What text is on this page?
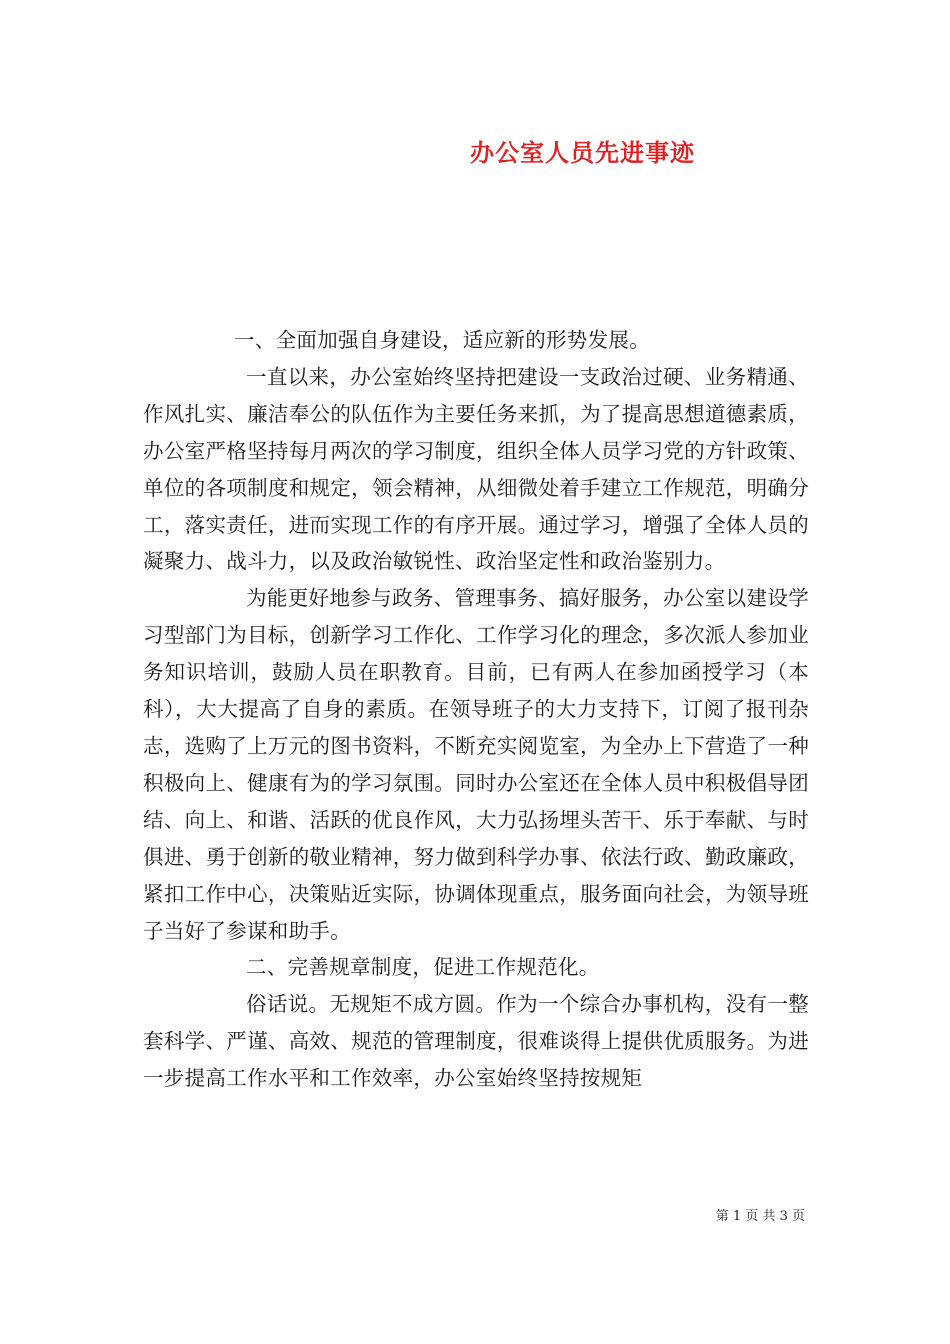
办公室人员先进事迹

一、全面加强自身建设，适应新的形势发展。

一直以来，办公室始终坚持把建设一支政治过硬、业务精通、作风扎实、廉洁奉公的队伍作为主要任务来抓，为了提高思想道德素质，办公室严格坚持每月两次的学习制度，组织全体人员学习党的方针政策、单位的各项制度和规定，领会精神，从细微处着手建立工作规范，明确分工，落实责任，进而实现工作的有序开展。通过学习，增强了全体人员的凝聚力、战斗力，以及政治敏锐性、政治坚定性和政治鉴别力。

为能更好地参与政务、管理事务、搞好服务，办公室以建设学习型部门为目标，创新学习工作化、工作学习化的理念，多次派人参加业务知识培训，鼓励人员在职教育。目前，已有两人在参加函授学习（本科），大大提高了自身的素质。在领导班子的大力支持下，订阅了报刊杂志，选购了上万元的图书资料，不断充实阅览室，为全办上下营造了一种积极向上、健康有为的学习氛围。同时办公室还在全体人员中积极倡导团结、向上、和谐、活跃的优良作风，大力弘扬埋头苦干、乐于奉献、与时俱进、勇于创新的敬业精神，努力做到科学办事、依法行政、勤政廉政，紧扣工作中心，决策贴近实际，协调体现重点，服务面向社会，为领导班子当好了参谋和助手。

二、完善规章制度，促进工作规范化。

俗话说。无规矩不成方圆。作为一个综合办事机构，没有一整套科学、严谨、高效、规范的管理制度，很难谈得上提供优质服务。为进一步提高工作水平和工作效率，办公室始终坚持按规矩

第 1 页 共 3 页
